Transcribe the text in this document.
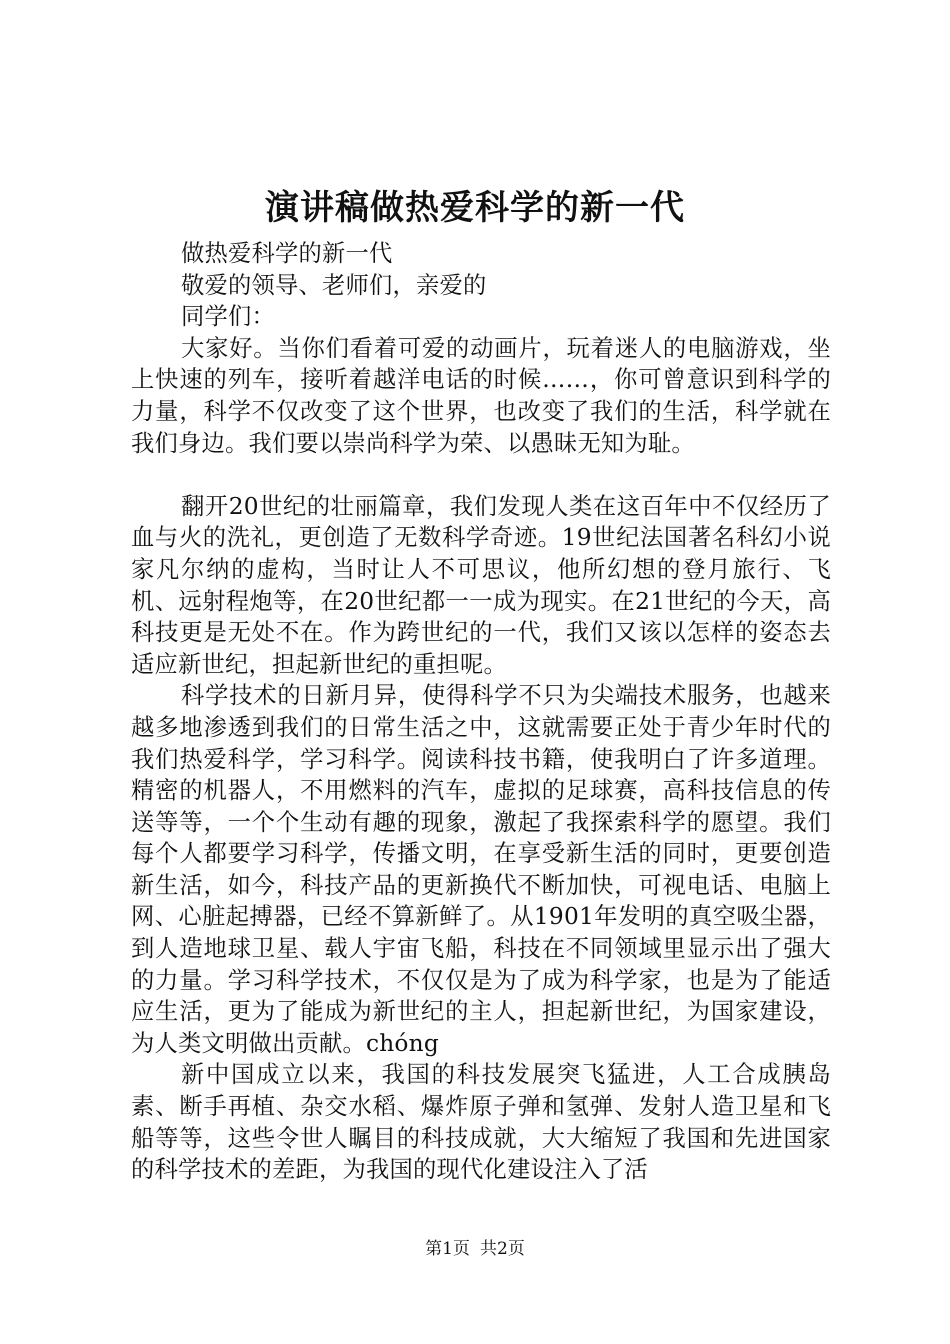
演讲稿做热爱科学的新一代

做热爱科学的新一代

敬爱的领导、老师们，亲爱的

同学们：

大家好。当你们看着可爱的动画片，玩着迷人的电脑游戏，坐上快速的列车，接听着越洋电话的时候……，你可曾意识到科学的力量，科学不仅改变了这个世界，也改变了我们的生活，科学就在我们身边。我们要以崇尚科学为荣、以愚昧无知为耻。

翻开20世纪的壮丽篇章，我们发现人类在这百年中不仅经历了血与火的洗礼，更创造了无数科学奇迹。19世纪法国著名科幻小说家凡尔纳的虚构，当时让人不可思议，他所幻想的登月旅行、飞机、远射程炮等，在20世纪都一一成为现实。在21世纪的今天，高科技更是无处不在。作为跨世纪的一代，我们又该以怎样的姿态去适应新世纪，担起新世纪的重担呢。

科学技术的日新月异，使得科学不只为尖端技术服务，也越来越多地渗透到我们的日常生活之中，这就需要正处于青少年时代的我们热爱科学，学习科学。阅读科技书籍，使我明白了许多道理。精密的机器人，不用燃料的汽车，虚拟的足球赛，高科技信息的传送等等，一个个生动有趣的现象，激起了我探索科学的愿望。我们每个人都要学习科学，传播文明，在享受新生活的同时，更要创造新生活，如今，科技产品的更新换代不断加快，可视电话、电脑上网、心脏起搏器，已经不算新鲜了。从1901年发明的真空吸尘器，到人造地球卫星、载人宇宙飞船，科技在不同领域里显示出了强大的力量。学习科学技术，不仅仅是为了成为科学家，也是为了能适应生活，更为了能成为新世纪的主人，担起新世纪，为国家建设，为人类文明做出贡献。chóng

新中国成立以来，我国的科技发展突飞猛进，人工合成胰岛素、断手再植、杂交水稻、爆炸原子弹和氢弹、发射人造卫星和飞船等等，这些令世人瞩目的科技成就，大大缩短了我国和先进国家的科学技术的差距，为我国的现代化建设注入了活

第1页 共2页
